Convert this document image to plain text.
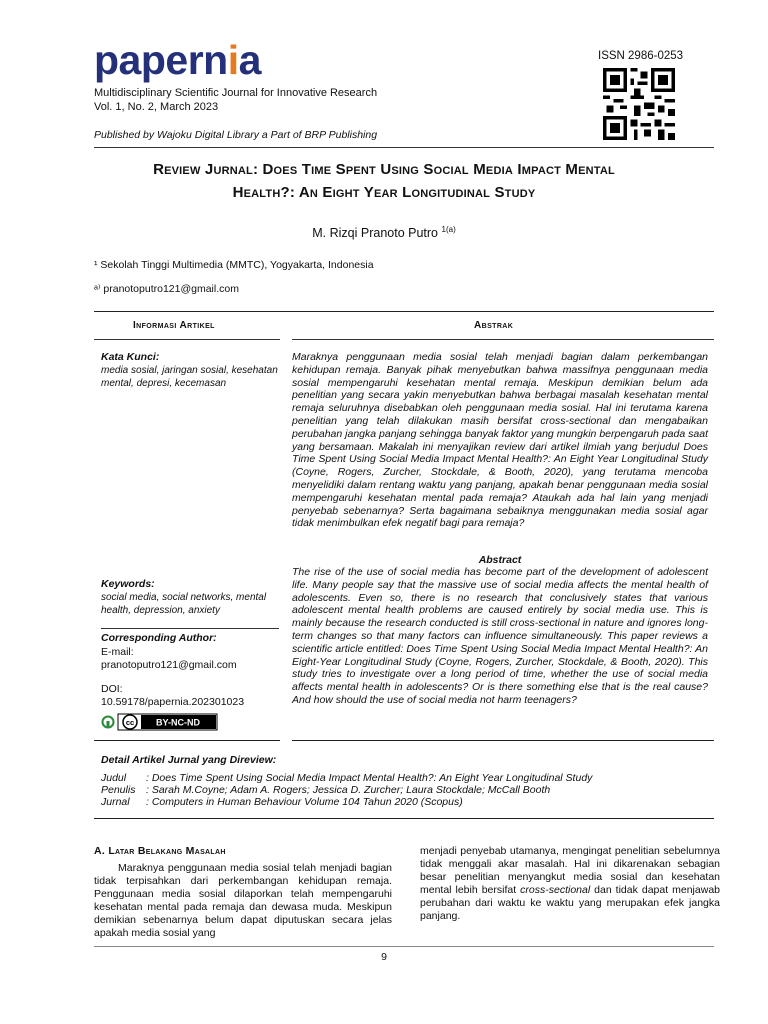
papernia
Multidisciplinary Scientific Journal for Innovative Research
Vol. 1, No. 2, March 2023
ISSN 2986-0253
Published by Wajoku Digital Library a Part of BRP Publishing
Review Jurnal: Does Time Spent Using Social Media Impact Mental
Health?: An Eight Year Longitudinal Study
M. Rizqi Pranoto Putro $^{1(a)}$
¹ Sekolah Tinggi Multimedia (MMTC), Yogyakarta, Indonesia
ᵃ⁾ pranotoputro121@gmail.com
Informasi Artikel	Abstrak
Kata Kunci:
media sosial, jaringan sosial, kesehatan mental, depresi, kecemasan
Maraknya penggunaan media sosial telah menjadi bagian dalam perkembangan kehidupan remaja. Banyak pihak menyebutkan bahwa massifnya penggunaan media sosial mempengaruhi kesehatan mental remaja. Meskipun demikian belum ada penelitian yang secara yakin menyebutkan bahwa berbagai masalah kesehatan mental remaja seluruhnya disebabkan oleh penggunaan media sosial. Hal ini terutama karena penelitian yang telah dilakukan masih bersifat cross-sectional dan mengabaikan perubahan jangka panjang sehingga banyak faktor yang mungkin berpengaruh pada saat yang bersamaan. Makalah ini menyajikan review dari artikel ilmiah yang berjudul Does Time Spent Using Social Media Impact Mental Health?: An Eight Year Longitudinal Study (Coyne, Rogers, Zurcher, Stockdale, & Booth, 2020), yang terutama mencoba menyelidiki dalam rentang waktu yang panjang, apakah benar penggunaan media sosial mempengaruhi kesehatan mental pada remaja? Ataukah ada hal lain yang menjadi penyebab sebenarnya? Serta bagaimana sebaiknya menggunakan media sosial agar tidak menimbulkan efek negatif bagi para remaja?
Abstract
The rise of the use of social media has become part of the development of adolescent life. Many people say that the massive use of social media affects the mental health of adolescents. Even so, there is no research that conclusively states that various adolescent mental health problems are caused entirely by social media use. This is mainly because the research conducted is still cross-sectional in nature and ignores long-term changes so that many factors can influence simultaneously. This paper reviews a scientific article entitled: Does Time Spent Using Social Media Impact Mental Health?: An Eight-Year Longitudinal Study (Coyne, Rogers, Zurcher, Stockdale, & Booth, 2020). This study tries to investigate over a long period of time, whether the use of social media affects mental health in adolescents? Or is there something else that is the real cause? And how should the use of social media not harm teenagers?
Keywords:
social media, social networks, mental health, depression, anxiety
Corresponding Author:
E-mail:
pranotoputro121@gmail.com
DOI:
10.59178/papernia.202301023
cc BY-NC-ND
Detail Artikel Jurnal yang Direview:
Judul : Does Time Spent Using Social Media Impact Mental Health?: An Eight Year Longitudinal Study
Penulis : Sarah M.Coyne; Adam A. Rogers; Jessica D. Zurcher; Laura Stockdale; McCall Booth
Jurnal : Computers in Human Behaviour Volume 104 Tahun 2020 (Scopus)
A. Latar Belakang Masalah
Maraknya penggunaan media sosial telah menjadi bagian tidak terpisahkan dari perkembangan kehidupan remaja. Penggunaan media sosial dilaporkan telah mempengaruhi kesehatan mental pada remaja dan dewasa muda. Meskipun demikian sebenarnya belum dapat diputuskan secara jelas apakah media sosial yang
menjadi penyebab utamanya, mengingat penelitian sebelumnya tidak menggali akar masalah. Hal ini dikarenakan sebagian besar penelitian menyangkut media sosial dan kesehatan mental lebih bersifat cross-sectional dan tidak dapat menjawab perubahan dari waktu ke waktu yang merupakan efek jangka panjang.
9
